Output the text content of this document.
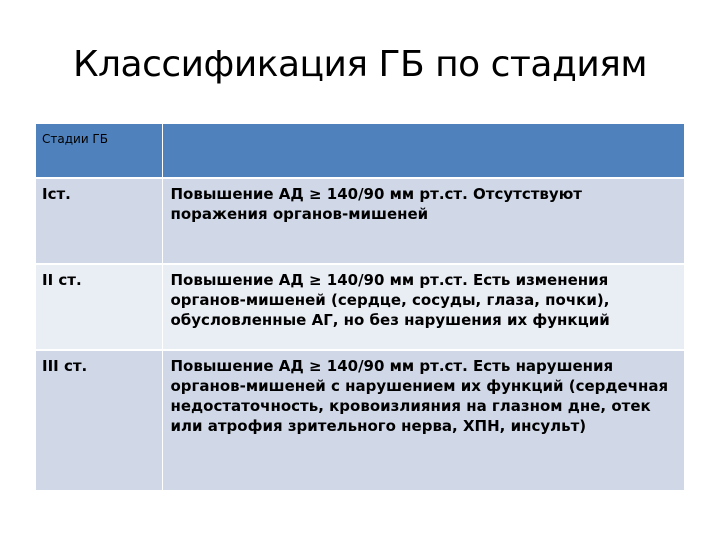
Классификация ГБ по стадиям
Стадии ГБ	
Iст.	Повышение АД ≥ 140/90 мм рт.ст. Отсутствуют поражения органов-мишеней
II ст.	Повышение АД ≥ 140/90 мм рт.ст. Есть изменения органов-мишеней (сердце, сосуды, глаза, почки), обусловленные АГ, но без нарушения их функций
III ст.	Повышение АД ≥ 140/90 мм рт.ст. Есть нарушения органов-мишеней с нарушением их функций (сердечная недостаточность, кровоизлияния на глазном дне, отек или атрофия зрительного нерва, ХПН, инсульт)
